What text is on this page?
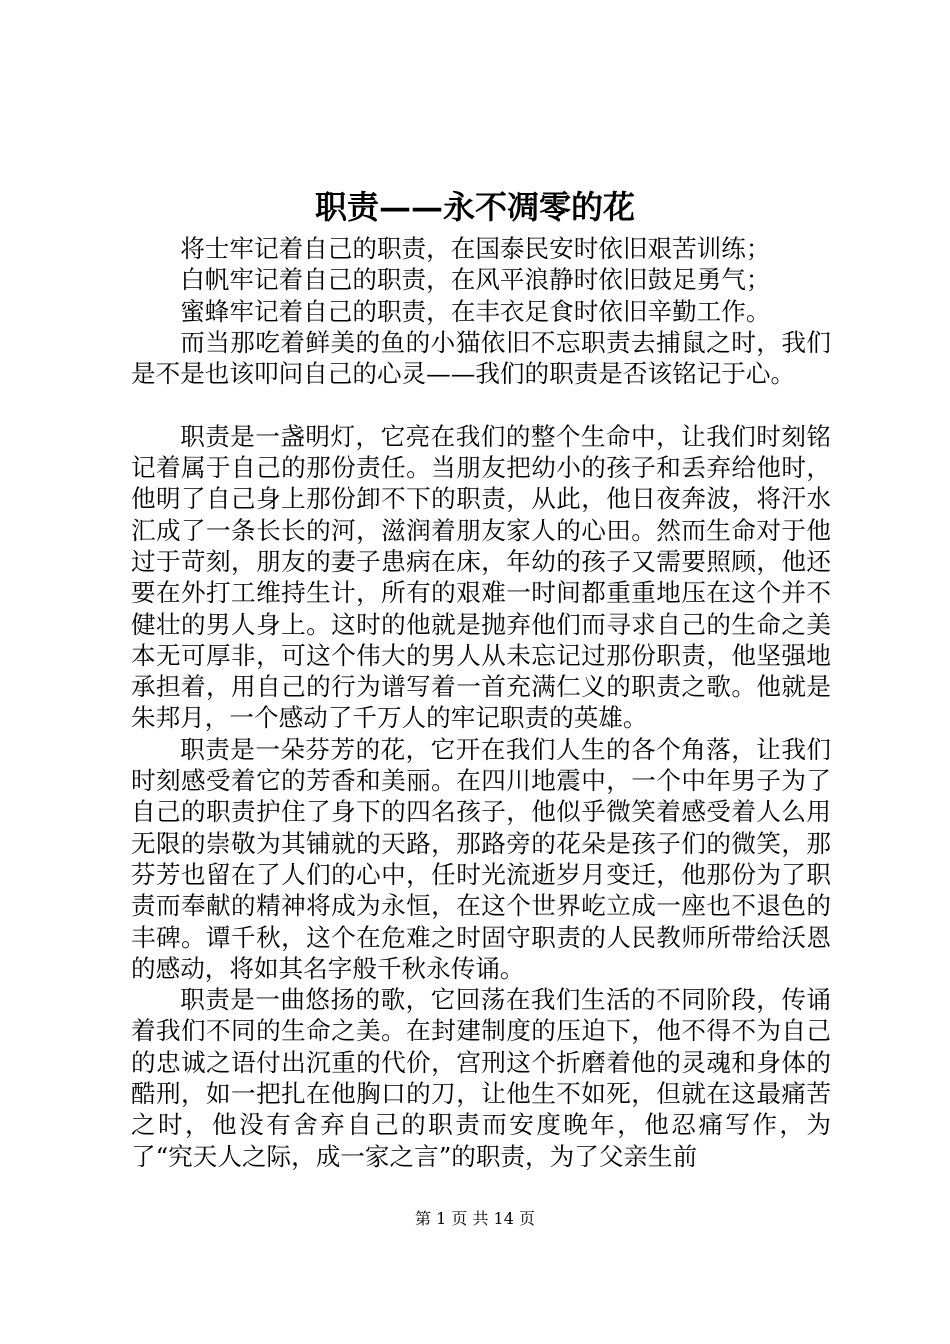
职责——永不凋零的花

将士牢记着自己的职责，在国泰民安时依旧艰苦训练；

白帆牢记着自己的职责，在风平浪静时依旧鼓足勇气；

蜜蜂牢记着自己的职责，在丰衣足食时依旧辛勤工作。

而当那吃着鲜美的鱼的小猫依旧不忘职责去捕鼠之时，我们是不是也该叩问自己的心灵——我们的职责是否该铭记于心。

职责是一盏明灯，它亮在我们的整个生命中，让我们时刻铭记着属于自己的那份责任。当朋友把幼小的孩子和丢弃给他时，他明了自己身上那份卸不下的职责，从此，他日夜奔波，将汗水汇成了一条长长的河，滋润着朋友家人的心田。然而生命对于他过于苛刻，朋友的妻子患病在床，年幼的孩子又需要照顾，他还要在外打工维持生计，所有的艰难一时间都重重地压在这个并不健壮的男人身上。这时的他就是抛弃他们而寻求自己的生命之美本无可厚非，可这个伟大的男人从未忘记过那份职责，他坚强地承担着，用自己的行为谱写着一首充满仁义的职责之歌。他就是朱邦月，一个感动了千万人的牢记职责的英雄。

职责是一朵芬芳的花，它开在我们人生的各个角落，让我们时刻感受着它的芳香和美丽。在四川地震中，一个中年男子为了自己的职责护住了身下的四名孩子，他似乎微笑着感受着人么用无限的崇敬为其铺就的天路，那路旁的花朵是孩子们的微笑，那芬芳也留在了人们的心中，任时光流逝岁月变迁，他那份为了职责而奉献的精神将成为永恒，在这个世界屹立成一座也不退色的丰碑。谭千秋，这个在危难之时固守职责的人民教师所带给沃恩的感动，将如其名字般千秋永传诵。

职责是一曲悠扬的歌，它回荡在我们生活的不同阶段，传诵着我们不同的生命之美。在封建制度的压迫下，他不得不为自己的忠诚之语付出沉重的代价，宫刑这个折磨着他的灵魂和身体的酷刑，如一把扎在他胸口的刀，让他生不如死，但就在这最痛苦之时，他没有舍弃自己的职责而安度晚年，他忍痛写作，为了“究天人之际，成一家之言”的职责，为了父亲生前

第 1 页 共 14 页
